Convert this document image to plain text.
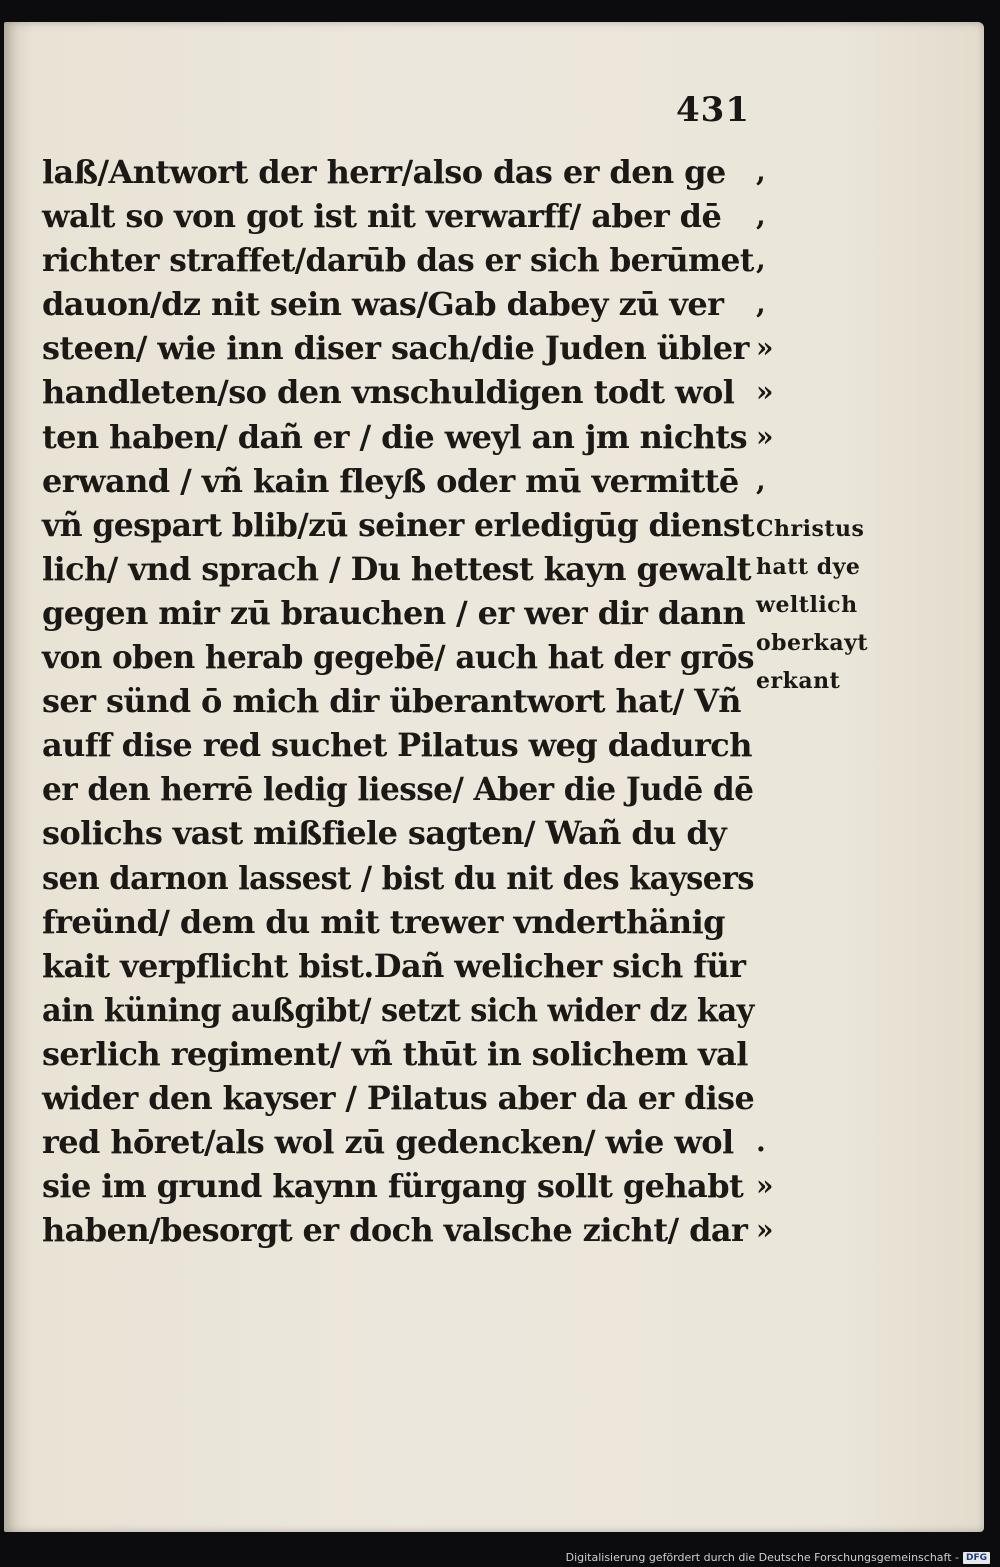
431
laß/Antwort der herr/also das er den ge
walt so von got ist nit verwarff/ aber dē
richter straffet/darūb das er sich berūmet
dauon/dz nit sein was/Gab dabey zū ver
steen/ wie inn diser sach/die Juden übler
handleten/so den vnschuldigen todt wol
ten haben/ dañ er / die weyl an jm nichts
erwand / vñ kain fleyß oder mū vermittē
vñ gespart blib/zū seiner erledigūg dienst
lich/ vnd sprach / Du hettest kayn gewalt
gegen mir zū brauchen / er wer dir dann
von oben herab gegebē/ auch hat der grōs
ser sünd ō mich dir überantwort hat/ Vñ
auff dise red suchet Pilatus weg dadurch
er den herrē ledig liesse/ Aber die Judē dē
solichs vast mißfiele sagten/ Wañ du dy
sen darnon lassest / bist du nit des kaysers
freünd/ dem du mit trewer vnderthänig
kait verpflicht bist.Dañ welicher sich für
ain küning außgibt/ setzt sich wider dz kay
serlich regiment/ vñ thūt in solichem val
wider den kayser / Pilatus aber da er dise
red hōret/als wol zū gedencken/ wie wol
sie im grund kaynn fürgang sollt gehabt
haben/besorgt er doch valsche zicht/ dar
,
,
,
,
»
»
»
,
.
»
»
Christus
hatt dye
weltlich
oberkayt
erkant
Digitalisierung gefördert durch die Deutsche Forschungsgemeinschaft - DFG
